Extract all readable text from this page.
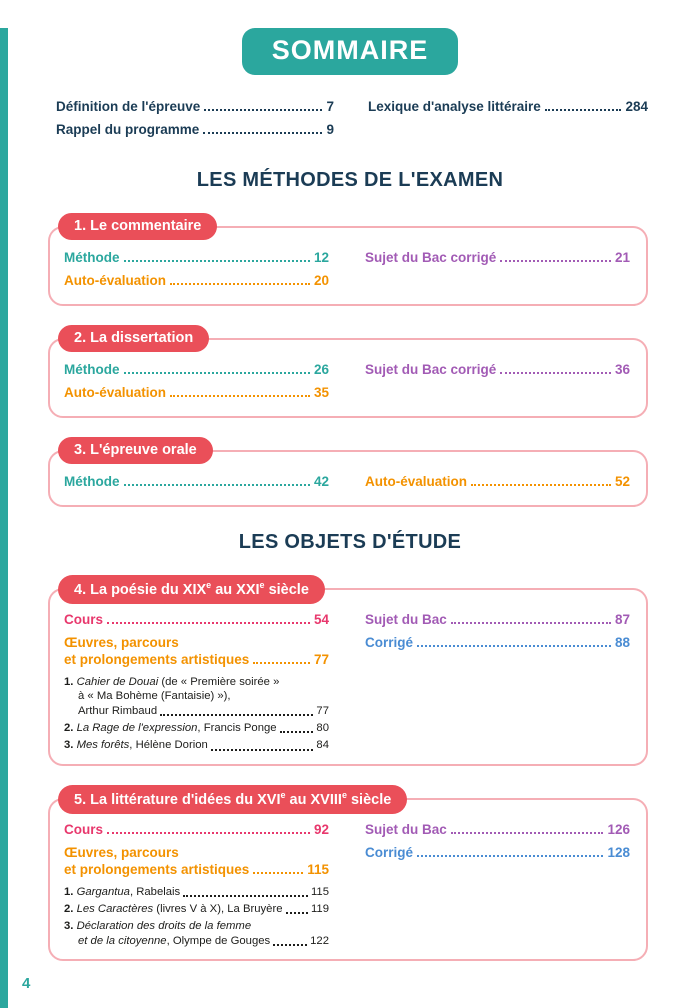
SOMMAIRE
Définition de l'épreuve	7
Rappel du programme	9
Lexique d'analyse littéraire	284
LES MÉTHODES DE L'EXAMEN
1. Le commentaire
Méthode	12
Auto-évaluation	20
Sujet du Bac corrigé	21
2. La dissertation
Méthode	26
Auto-évaluation	35
Sujet du Bac corrigé	36
3. L'épreuve orale
Méthode	42	Auto-évaluation	52
LES OBJETS D'ÉTUDE
4. La poésie du XIXe au XXIe siècle
Cours	54
Œuvres, parcours
et prolongements artistiques	77
1. Cahier de Douai (de « Première soirée »
à « Ma Bohème (Fantaisie) »),
Arthur Rimbaud	77
2. La Rage de l'expression, Francis Ponge	80
3. Mes forêts, Hélène Dorion	84
Sujet du Bac	87
Corrigé	88
5. La littérature d'idées du XVIe au XVIIIe siècle
Cours	92
Œuvres, parcours
et prolongements artistiques	115
1. Gargantua, Rabelais	115
2. Les Caractères (livres V à X), La Bruyère	119
3. Déclaration des droits de la femme
et de la citoyenne, Olympe de Gouges	122
Sujet du Bac	126
Corrigé	128
4
